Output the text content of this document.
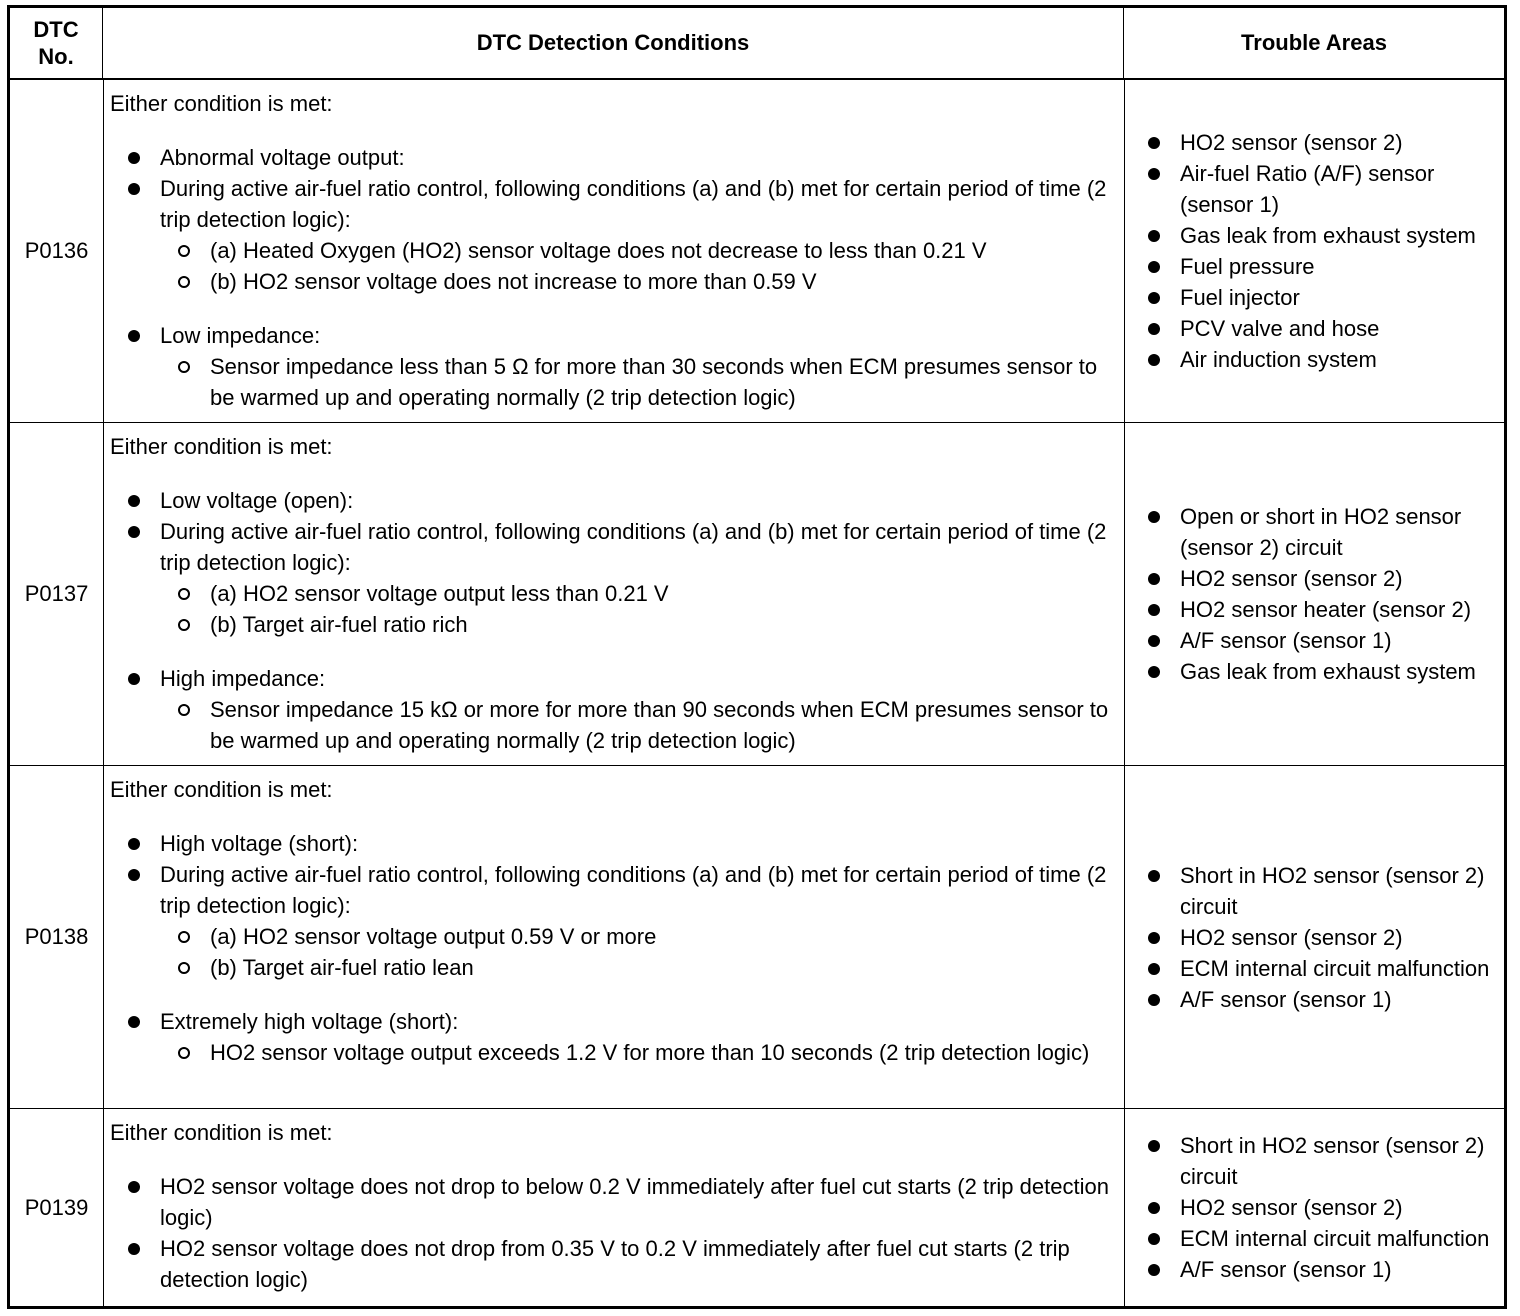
DTC No.
DTC Detection Conditions	Trouble Areas
P0136
Either condition is met:
Abnormal voltage output:
During active air-fuel ratio control, following conditions (a) and (b) met for certain period of time (2 trip detection logic):
(a) Heated Oxygen (HO2) sensor voltage does not decrease to less than 0.21 V
(b) HO2 sensor voltage does not increase to more than 0.59 V
Low impedance:
Sensor impedance less than 5 Ω for more than 30 seconds when ECM presumes sensor to be warmed up and operating normally (2 trip detection logic)
HO2 sensor (sensor 2)
Air-fuel Ratio (A/F) sensor (sensor 1)
Gas leak from exhaust system
Fuel pressure
Fuel injector
PCV valve and hose
Air induction system
P0137
Either condition is met:
Low voltage (open):
During active air-fuel ratio control, following conditions (a) and (b) met for certain period of time (2 trip detection logic):
(a) HO2 sensor voltage output less than 0.21 V
(b) Target air-fuel ratio rich
High impedance:
Sensor impedance 15 kΩ or more for more than 90 seconds when ECM presumes sensor to be warmed up and operating normally (2 trip detection logic)
Open or short in HO2 sensor (sensor 2) circuit
HO2 sensor (sensor 2)
HO2 sensor heater (sensor 2)
A/F sensor (sensor 1)
Gas leak from exhaust system
P0138
Either condition is met:
High voltage (short):
During active air-fuel ratio control, following conditions (a) and (b) met for certain period of time (2 trip detection logic):
(a) HO2 sensor voltage output 0.59 V or more
(b) Target air-fuel ratio lean
Extremely high voltage (short):
HO2 sensor voltage output exceeds 1.2 V for more than 10 seconds (2 trip detection logic)
Short in HO2 sensor (sensor 2) circuit
HO2 sensor (sensor 2)
ECM internal circuit malfunction
A/F sensor (sensor 1)
P0139
Either condition is met:
HO2 sensor voltage does not drop to below 0.2 V immediately after fuel cut starts (2 trip detection logic)
HO2 sensor voltage does not drop from 0.35 V to 0.2 V immediately after fuel cut starts (2 trip detection logic)
Short in HO2 sensor (sensor 2) circuit
HO2 sensor (sensor 2)
ECM internal circuit malfunction
A/F sensor (sensor 1)
